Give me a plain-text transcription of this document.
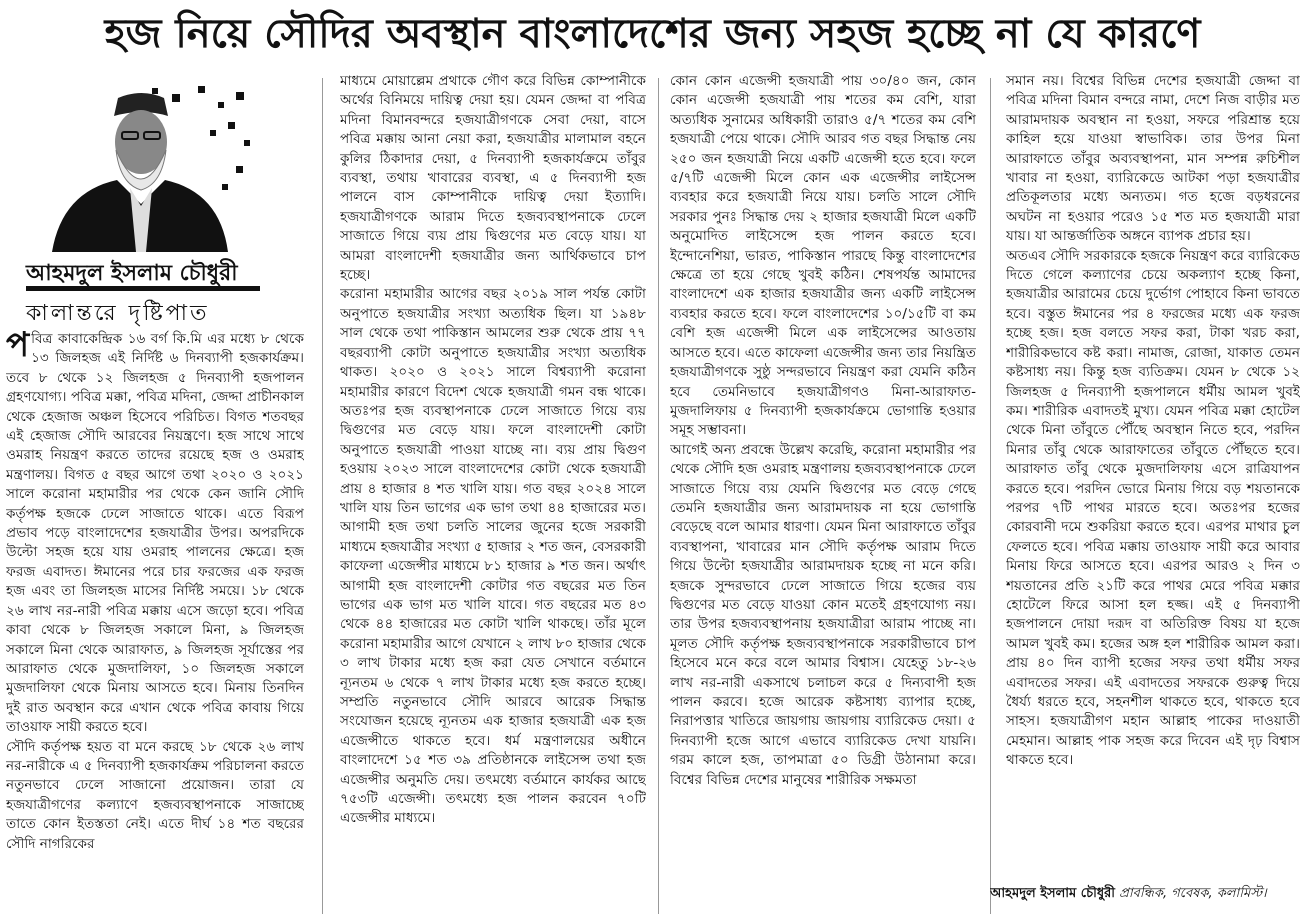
হজ নিয়ে সৌদির অবস্থান বাংলাদেশের জন্য সহজ হচ্ছে না যে কারণে
আহমদুল ইসলাম চৌধুরী
কালান্তরে দৃষ্টিপাত

পবিত্র কাবাকেন্দ্রিক ১৬ বর্গ কি.মি এর মধ্যে ৮ থেকে ১৩ জিলহজ এই নির্দিষ্ট ৬ দিনব্যাপী হজকার্যক্রম। তবে ৮ থেকে ১২ জিলহজ ৫ দিনব্যাপী হজপালন গ্রহণযোগ্য। পবিত্র মক্কা, পবিত্র মদিনা, জেদ্দা প্রাচীনকাল থেকে হেজাজ অঞ্চল হিসেবে পরিচিত। বিগত শতবছর এই হেজাজ সৌদি আরবের নিয়ন্ত্রণে। হজ সাথে সাথে ওমরাহ নিয়ন্ত্রণ করতে তাদের রয়েছে হজ ও ওমরাহ মন্ত্রণালয়। বিগত ৫ বছর আগে তথা ২০২০ ও ২০২১ সালে করোনা মহামারীর পর থেকে কেন জানি সৌদি কর্তৃপক্ষ হজকে ঢেলে সাজাতে থাকে। এতে বিরূপ প্রভাব পড়ে বাংলাদেশের হজযাত্রীর উপর। অপরদিকে উল্টো সহজ হয়ে যায় ওমরাহ পালনের ক্ষেত্রে। হজ ফরজ এবাদত। ঈমানের পরে চার ফরজের এক ফরজ হজ এবং তা জিলহজ মাসের নির্দিষ্ট সময়ে। ১৮ থেকে ২৬ লাখ নর-নারী পবিত্র মক্কায় এসে জড়ো হবে। পবিত্র কাবা থেকে ৮ জিলহজ সকালে মিনা, ৯ জিলহজ সকালে মিনা থেকে আরাফাত, ৯ জিলহজ সূর্যাস্তের পর আরাফাত থেকে মুজদালিফা, ১০ জিলহজ সকালে মুজদালিফা থেকে মিনায় আসতে হবে। মিনায় তিনদিন দুই রাত অবস্থান করে এখান থেকে পবিত্র কাবায় গিয়ে তাওয়াফ সায়ী করতে হবে।

সৌদি কর্তৃপক্ষ হয়ত বা মনে করছে ১৮ থেকে ২৬ লাখ নর-নারীকে এ ৫ দিনব্যাপী হজকার্যক্রম পরিচালনা করতে নতুনভাবে ঢেলে সাজানো প্রয়োজন। তারা যে হজযাত্রীগণের কল্যাণে হজব্যবস্থাপনাকে সাজাচ্ছে তাতে কোন ইতস্ততা নেই। এতে দীর্ঘ ১৪ শত বছরের সৌদি নাগরিকের

মাধ্যমে মোয়াল্লেম প্রথাকে গৌণ করে বিভিন্ন কোম্পানীকে অর্থের বিনিময়ে দায়িত্ব দেয়া হয়। যেমন জেদ্দা বা পবিত্র মদিনা বিমানবন্দরে হজযাত্রীগণকে সেবা দেয়া, বাসে পবিত্র মক্কায় আনা নেয়া করা, হজযাত্রীর মালামাল বহনে কুলির ঠিকাদার দেয়া, ৫ দিনব্যাপী হজকার্যক্রমে তাঁবুর ব্যবস্থা, তথায় খাবারের ব্যবস্থা, এ ৫ দিনব্যাপী হজ পালনে বাস কোম্পানীকে দায়িত্ব দেয়া ইত্যাদি। হজযাত্রীগণকে আরাম দিতে হজব্যবস্থাপনাকে ঢেলে সাজাতে গিয়ে ব্যয় প্রায় দ্বিগুণের মত বেড়ে যায়। যা আমরা বাংলাদেশী হজযাত্রীর জন্য আর্থিকভাবে চাপ হচ্ছে।

করোনা মহামারীর আগের বছর ২০১৯ সাল পর্যন্ত কোটা অনুপাতে হজযাত্রীর সংখ্যা অত্যধিক ছিল। যা ১৯৪৮ সাল থেকে তথা পাকিস্তান আমলের শুরু থেকে প্রায় ৭৭ বছরব্যাপী কোটা অনুপাতে হজযাত্রীর সংখ্যা অত্যধিক থাকত। ২০২০ ও ২০২১ সালে বিশ্বব্যাপী করোনা মহামারীর কারণে বিদেশ থেকে হজযাত্রী গমন বন্ধ থাকে। অতঃপর হজ ব্যবস্থাপনাকে ঢেলে সাজাতে গিয়ে ব্যয় দ্বিগুণের মত বেড়ে যায়। ফলে বাংলাদেশী কোটা অনুপাতে হজযাত্রী পাওয়া যাচ্ছে না। ব্যয় প্রায় দ্বিগুণ হওয়ায় ২০২৩ সালে বাংলাদেশের কোটা থেকে হজযাত্রী প্রায় ৪ হাজার ৪ শত খালি যায়। গত বছর ২০২৪ সালে খালি যায় তিন ভাগের এক ভাগ তথা ৪৪ হাজারের মত। আগামী হজ তথা চলতি সালের জুনের হজে সরকারী মাধ্যমে হজযাত্রীর সংখ্যা ৫ হাজার ২ শত জন, বেসরকারী কাফেলা এজেন্সীর মাধ্যমে ৮১ হাজার ৯ শত জন। অর্থাৎ আগামী হজ বাংলাদেশী কোটার গত বছরের মত তিন ভাগের এক ভাগ মত খালি যাবে। গত বছরের মত ৪৩ থেকে ৪৪ হাজারের মত কোটা খালি থাকছে। তাঁর মূলে করোনা মহামারীর আগে যেখানে ২ লাখ ৮০ হাজার থেকে ৩ লাখ টাকার মধ্যে হজ করা যেত সেখানে বর্তমানে ন্যূনতম ৬ থেকে ৭ লাখ টাকার মধ্যে হজ করতে হচ্ছে। সম্প্রতি নতুনভাবে সৌদি আরবে আরেক সিদ্ধান্ত সংযোজন হয়েছে ন্যূনতম এক হাজার হজযাত্রী এক হজ এজেন্সীতে থাকতে হবে। ধর্ম মন্ত্রণালয়ের অধীনে বাংলাদেশে ১৫ শত ৩৯ প্রতিষ্ঠানকে লাইসেন্স তথা হজ এজেন্সীর অনুমতি দেয়। তৎমধ্যে বর্তমানে কার্যকর আছে ৭৫৩টি এজেন্সী। তৎমধ্যে হজ পালন করবেন ৭০টি এজেন্সীর মাধ্যমে।

কোন কোন এজেন্সী হজযাত্রী পায় ৩০/৪০ জন, কোন কোন এজেন্সী হজযাত্রী পায় শতের কম বেশি, যারা অত্যধিক সুনামের অধিকারী তারাও ৫/৭ শতের কম বেশি হজযাত্রী পেয়ে থাকে। সৌদি আরব গত বছর সিদ্ধান্ত নেয় ২৫০ জন হজযাত্রী নিয়ে একটি এজেন্সী হতে হবে। ফলে ৫/৭টি এজেন্সী মিলে কোন এক এজেন্সীর লাইসেন্স ব্যবহার করে হজযাত্রী নিয়ে যায়। চলতি সালে সৌদি সরকার পুনঃ সিদ্ধান্ত দেয় ২ হাজার হজযাত্রী মিলে একটি অনুমোদিত লাইসেন্সে হজ পালন করতে হবে। ইন্দোনেশিয়া, ভারত, পাকিস্তান পারছে কিন্তু বাংলাদেশের ক্ষেত্রে তা হয়ে গেছে খুবই কঠিন। শেষপর্যন্ত আমাদের বাংলাদেশে এক হাজার হজযাত্রীর জন্য একটি লাইসেন্স ব্যবহার করতে হবে। ফলে বাংলাদেশের ১০/১৫টি বা কম বেশি হজ এজেন্সী মিলে এক লাইসেন্সের আওতায় আসতে হবে। এতে কাফেলা এজেন্সীর জন্য তার নিয়ন্ত্রিত হজযাত্রীগণকে সুষ্ঠু সন্দরভাবে নিয়ন্ত্রণ করা যেমনি কঠিন হবে তেমনিভাবে হজযাত্রীগণও মিনা-আরাফাত-মুজদালিফায় ৫ দিনব্যাপী হজকার্যক্রমে ভোগান্তি হওয়ার সমূহ সম্ভাবনা।

আগেই অন্য প্রবন্ধে উল্লেখ করেছি, করোনা মহামারীর পর থেকে সৌদি হজ ওমরাহ মন্ত্রণালয় হজব্যবস্থাপনাকে ঢেলে সাজাতে গিয়ে ব্যয় যেমনি দ্বিগুণের মত বেড়ে গেছে তেমনি হজযাত্রীর জন্য আরামদায়ক না হয়ে ভোগান্তি বেড়েছে বলে আমার ধারণা। যেমন মিনা আরাফাতে তাঁবুর ব্যবস্থাপনা, খাবারের মান সৌদি কর্তৃপক্ষ আরাম দিতে গিয়ে উল্টো হজযাত্রীর আরামদায়ক হচ্ছে না মনে করি। হজকে সুন্দরভাবে ঢেলে সাজাতে গিয়ে হজের ব্যয় দ্বিগুণের মত বেড়ে যাওয়া কোন মতেই গ্রহণযোগ্য নয়। তার উপর হজব্যবস্থাপনায় হজযাত্রীরা আরাম পাচ্ছে না। মূলত সৌদি কর্তৃপক্ষ হজব্যবস্থাপনাকে সরকারীভাবে চাপ হিসেবে মনে করে বলে আমার বিশ্বাস। যেহেতু ১৮-২৬ লাখ নর-নারী একসাথে চলাচল করে ৫ দিন্যবাপী হজ পালন করবে। হজে আরেক কষ্টসাধ্য ব্যাপার হচ্ছে, নিরাপত্তার খাতিরে জায়গায় জায়গায় ব্যারিকেড দেয়া। ৫ দিনব্যাপী হজে আগে এভাবে ব্যারিকেড দেখা যায়নি। গরম কালে হজ, তাপমাত্রা ৫০ ডিগ্রী উঠানামা করে। বিশ্বের বিভিন্ন দেশের মানুষের শারীরিক সক্ষমতা

সমান নয়। বিশ্বের বিভিন্ন দেশের হজযাত্রী জেদ্দা বা পবিত্র মদিনা বিমান বন্দরে নামা, দেশে নিজ বাড়ীর মত আরামদায়ক অবস্থান না হওয়া, সফরে পরিশ্রান্ত হয়ে কাহিল হয়ে যাওয়া স্বাভাবিক। তার উপর মিনা আরাফাতে তাঁবুর অব্যবস্থাপনা, মান সম্পন্ন রুচিশীল খাবার না হওয়া, ব্যারিকেডে আটকা পড়া হজযাত্রীর প্রতিকূলতার মধ্যে অন্যতম। গত হজে বড়ধরনের অঘটন না হওয়ার পরেও ১৫ শত মত হজযাত্রী মারা যায়। যা আন্তর্জাতিক অঙ্গনে ব্যাপক প্রচার হয়।

অতএব সৌদি সরকারকে হজকে নিয়ন্ত্রণ করে ব্যারিকেড দিতে গেলে কল্যাণের চেয়ে অকল্যাণ হচ্ছে কিনা, হজযাত্রীর আরামের চেয়ে দুর্ভোগ পোহাবে কিনা ভাবতে হবে। বস্তুত ঈমানের পর ৪ ফরজের মধ্যে এক ফরজ হচ্ছে হজ। হজ বলতে সফর করা, টাকা খরচ করা, শারীরিকভাবে কষ্ট করা। নামাজ, রোজা, যাকাত তেমন কষ্টসাধ্য নয়। কিন্তু হজ ব্যতিক্রম। যেমন ৮ থেকে ১২ জিলহজ ৫ দিনব্যাপী হজপালনে ধর্মীয় আমল খুবই কম। শারীরিক এবাদতই মুখ্য। যেমন পবিত্র মক্কা হোটেল থেকে মিনা তাঁবুতে পৌঁছে অবস্থান নিতে হবে, পরদিন মিনার তাঁবু থেকে আরাফাতের তাঁবুতে পৌঁছতে হবে। আরাফাত তাঁবু থেকে মুজদালিফায় এসে রাত্রিযাপন করতে হবে। পরদিন ভোরে মিনায় গিয়ে বড় শয়তানকে পরপর ৭টি পাথর মারতে হবে। অতঃপর হজের কোরবানী দমে শুকরিয়া করতে হবে। এরপর মাথার চুল ফেলতে হবে। পবিত্র মক্কায় তাওয়াফ সায়ী করে আবার মিনায় ফিরে আসতে হবে। এরপর আরও ২ দিন ৩ শয়তানের প্রতি ২১টি করে পাথর মেরে পবিত্র মক্কার হোটেলে ফিরে আসা হল হজ্জ। এই ৫ দিনব্যাপী হজপালনে দোয়া দরূদ বা অতিরিক্ত বিষয় যা হজে আমল খুবই কম। হজের অঙ্গ হল শারীরিক আমল করা। প্রায় ৪০ দিন ব্যাপী হজের সফর তথা ধর্মীয় সফর এবাদতের সফর। এই এবাদতের সফরকে গুরুত্ব দিয়ে ধৈর্য্য ধরতে হবে, সহনশীল থাকতে হবে, থাকতে হবে সাহস। হজযাত্রীগণ মহান আল্লাহ পাকের দাওয়াতী মেহমান। আল্লাহ পাক সহজ করে দিবেন এই দৃঢ় বিশ্বাস থাকতে হবে।

আহমদুল ইসলাম চৌধুরী প্রাবন্ধিক, গবেষক, কলামিস্ট।
